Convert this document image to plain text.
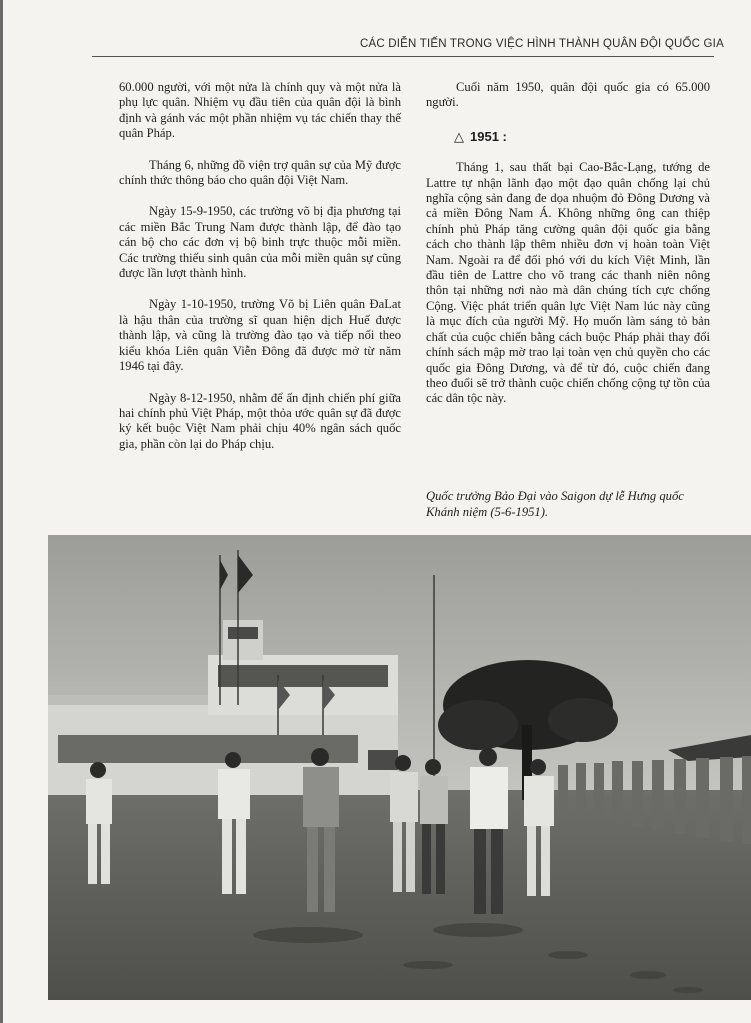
CÁC DIỄN TIẾN TRONG VIỆC HÌNH THÀNH QUÂN ĐỘI QUỐC GIA

60.000 người, với một nửa là chính quy và một nửa là phụ lực quân. Nhiệm vụ đầu tiên của quân đội là bình định và gánh vác một phần nhiệm vụ tác chiến thay thế quân Pháp.

Tháng 6, những đồ viện trợ quân sự của Mỹ được chính thức thông báo cho quân đội Việt Nam.

Ngày 15-9-1950, các trường võ bị địa phương tại các miền Bắc Trung Nam được thành lập, để đào tạo cán bộ cho các đơn vị bộ binh trực thuộc mỗi miền. Các trường thiếu sinh quân của mỗi miền quân sự cũng được lần lượt thành hình.

Ngày 1-10-1950, trường Võ bị Liên quân ĐaLat là hậu thân của trường sĩ quan hiện dịch Huế được thành lập, và cũng là trường đào tạo và tiếp nối theo kiểu khóa Liên quân Viễn Đông đã được mở từ năm 1946 tại đây.

Ngày 8-12-1950, nhằm để ấn định chiến phí giữa hai chính phủ Việt Pháp, một thỏa ước quân sự đã được ký kết buộc Việt Nam phải chịu 40% ngân sách quốc gia, phần còn lại do Pháp chịu.

Cuối năm 1950, quân đội quốc gia có 65.000 người.

△ 1951 :

Tháng 1, sau thất bại Cao-Bắc-Lạng, tướng de Lattre tự nhận lãnh đạo một đạo quân chống lại chủ nghĩa cộng sản đang đe dọa nhuộm đỏ Đông Dương và cả miền Đông Nam Á. Không những ông can thiệp chính phủ Pháp tăng cường quân đội quốc gia bằng cách cho thành lập thêm nhiều đơn vị hoàn toàn Việt Nam. Ngoài ra để đối phó với du kích Việt Minh, lần đầu tiên de Lattre cho võ trang các thanh niên nông thôn tại những nơi nào mà dân chúng tích cực chống Cộng. Việc phát triển quân lực Việt Nam lúc này cũng là mục đích của người Mỹ. Họ muốn làm sáng tỏ bản chất của cuộc chiến bằng cách buộc Pháp phải thay đổi chính sách mập mờ trao lại toàn vẹn chủ quyền cho các quốc gia Đông Dương, và để từ đó, cuộc chiến đang theo đuổi sẽ trở thành cuộc chiến chống cộng tự tồn của các dân tộc này.

Quốc trưởng Bảo Đại vào Saigon dự lễ Hưng quốc Khánh niệm (5-6-1951).
